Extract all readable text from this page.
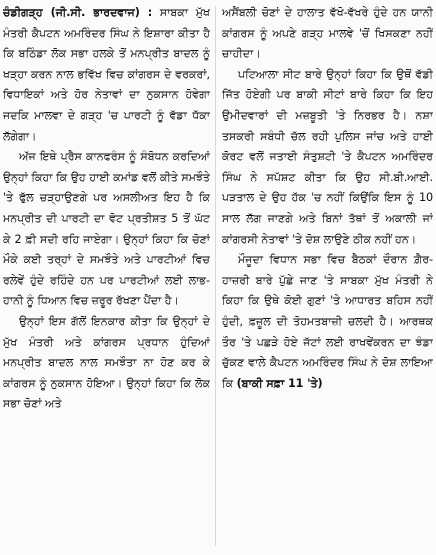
ਚੰਡੀਗੜ੍ਹ (ਜੀ.ਸੀ. ਭਾਰਦਵਾਜ) : ਸਾਬਕਾ ਮੁੱਖ ਮੰਤਰੀ ਕੈਪਟਨ ਅਮਰਿੰਦਰ ਸਿੰਘ ਨੇ ਇਸ਼ਾਰਾ ਕੀਤਾ ਹੈ ਕਿ ਬਠਿੰਡਾ ਲੋਕ ਸਭਾ ਹਲਕੇ ਤੋਂ ਮਨਪ੍ਰੀਤ ਬਾਦਲ ਨੂੰ ਖੜ੍ਹਾ ਕਰਨ ਨਾਲ ਭਵਿੱਖ ਵਿਚ ਕਾਂਗਰਸ ਦੇ ਵਰਕਰਾਂ, ਵਿਧਾਇਕਾਂ ਅਤੇ ਹੋਰ ਨੇਤਾਵਾਂ ਦਾ ਨੁਕਸਾਨ ਹੋਵੇਗਾ ਜਦਕਿ ਮਾਲਵਾ ਦੇ ਗੜ੍ਹ 'ਚ ਪਾਰਟੀ ਨੂੰ ਵੱਡਾ ਧੱਕਾ ਲੱਗੇਗਾ।

ਅੱਜ ਇਥੇ ਪ੍ਰੈਸ ਕਾਨਫਰੰਸ ਨੂੰ ਸੰਬੋਧਨ ਕਰਦਿਆਂ ਉਨ੍ਹਾਂ ਕਿਹਾ ਕਿ ਉਹ ਹਾਈ ਕਮਾਂਡ ਵਲੋਂ ਕੀਤੇ ਸਮਝੌਤੇ 'ਤੇ ਫੁੱਲ ਚੜ੍ਹਾਉਣਗੇ ਪਰ ਅਸਲੀਅਤ ਇਹ ਹੈ ਕਿ ਮਨਪ੍ਰੀਤ ਦੀ ਪਾਰਟੀ ਦਾ ਵੋਟ ਪ੍ਰਤੀਸ਼ਤ 5 ਤੋਂ ਘੱਟ ਕੇ 2 ਫ਼ੀ ਸਦੀ ਰਹਿ ਜਾਏਗਾ। ਉਨ੍ਹਾਂ ਕਿਹਾ ਕਿ ਚੋਣਾਂ ਮੌਕੇ ਕਈ ਤਰ੍ਹਾਂ ਦੇ ਸਮਝੌਤੇ ਅਤੇ ਪਾਰਟੀਆਂ ਵਿਚ ਰਲੇਵੇਂ ਹੁੰਦੇ ਰਹਿੰਦੇ ਹਨ ਪਰ ਪਾਰਟੀਆਂ ਲਈ ਲਾਭ-ਹਾਨੀ ਨੂੰ ਧਿਆਨ ਵਿਚ ਜ਼ਰੂਰ ਰੱਖਣਾ ਪੈਂਦਾ ਹੈ।

ਉਨ੍ਹਾਂ ਇਸ ਗੱਲੋਂ ਇਨਕਾਰ ਕੀਤਾ ਕਿ ਉਨ੍ਹਾਂ ਦੇ ਮੁੱਖ ਮੰਤਰੀ ਅਤੇ ਕਾਂਗਰਸ ਪ੍ਰਧਾਨ ਹੁੰਦਿਆਂ ਮਨਪ੍ਰੀਤ ਬਾਦਲ ਨਾਲ ਸਮਝੌਤਾ ਨਾ ਹੋਣ ਕਰ ਕੇ ਕਾਂਗਰਸ ਨੂੰ ਨੁਕਸਾਨ ਹੋਇਆ। ਉਨ੍ਹਾਂ ਕਿਹਾ ਕਿ ਲੋਕ ਸਭਾ ਚੋਣਾਂ ਅਤੇ

ਅਸੈਂਬਲੀ ਚੋਣਾਂ ਦੇ ਹਾਲਾਤ ਵੱਖੋ-ਵੱਖਰੇ ਹੁੰਦੇ ਹਨ ਯਾਨੀ ਕਾਂਗਰਸ ਨੂੰ ਅਪਣੇ ਗੜ੍ਹ ਮਾਲਵੇ 'ਚੋਂ ਖਿਸਕਣਾ ਨਹੀਂ ਚਾਹੀਦਾ।

ਪਟਿਆਲਾ ਸੀਟ ਬਾਰੇ ਉਨ੍ਹਾਂ ਕਿਹਾ ਕਿ ਉਥੋਂ ਵੱਡੀ ਜਿੱਤ ਹੋਏਗੀ ਪਰ ਬਾਕੀ ਸੀਟਾਂ ਬਾਰੇ ਕਿਹਾ ਕਿ ਇਹ ਉਮੀਦਵਾਰਾਂ ਦੀ ਮਜ਼ਬੂਤੀ 'ਤੇ ਨਿਰਭਰ ਹੈ। ਨਸ਼ਾ ਤਸਕਰੀ ਸਬੰਧੀ ਚੱਲ ਰਹੀ ਪੁਲਿਸ ਜਾਂਚ ਅਤੇ ਹਾਈ ਕੋਰਟ ਵਲੋਂ ਜਤਾਈ ਸੰਤੁਸ਼ਟੀ 'ਤੇ ਕੈਪਟਨ ਅਮਰਿੰਦਰ ਸਿੰਘ ਨੇ ਸਪੱਸ਼ਟ ਕੀਤਾ ਕਿ ਉਹ ਸੀ.ਬੀ.ਆਈ. ਪੜਤਾਲ ਦੇ ਉਹ ਹੱਕ 'ਚ ਨਹੀਂ ਕਿਉਂਕਿ ਇਸ ਨੂੰ 10 ਸਾਲ ਲੱਗ ਜਾਣਗੇ ਅਤੇ ਬਿਨਾਂ ਤੱਥਾਂ ਤੋਂ ਅਕਾਲੀ ਜਾਂ ਕਾਂਗਰਸੀ ਨੇਤਾਵਾਂ 'ਤੇ ਦੋਸ਼ ਲਾਉਣੇ ਠੀਕ ਨਹੀਂ ਹਨ।

ਮੌਜੂਦਾ ਵਿਧਾਨ ਸਭਾ ਵਿਚ ਬੈਠਕਾਂ ਦੌਰਾਨ ਗ਼ੈਰ-ਹਾਜ਼ਰੀ ਬਾਰੇ ਪੁੱਛੇ ਜਾਣ 'ਤੇ ਸਾਬਕਾ ਮੁੱਖ ਮੰਤਰੀ ਨੇ ਕਿਹਾ ਕਿ ਉਥੇ ਕੋਈ ਗੁਣਾਂ 'ਤੇ ਆਧਾਰਤ ਬਹਿਸ ਨਹੀਂ ਹੁੰਦੀ, ਫ਼ਜ਼ੂਲ ਦੀ ਤੋਹਮਤਬਾਜ਼ੀ ਚਲਦੀ ਹੈ। ਆਰਥਕ ਤੌਰ 'ਤੇ ਪਛੜੇ ਹੋਏ ਜੱਟਾਂ ਲਈ ਰਾਖਵੇਂਕਰਨ ਦਾ ਝੰਡਾ ਚੁੱਕਣ ਵਾਲੇ ਕੈਪਟਨ ਅਮਰਿੰਦਰ ਸਿੰਘ ਨੇ ਦੋਸ਼ ਲਾਇਆ ਕਿ (ਬਾਕੀ ਸਫ਼ਾ 11 'ਤੇ)
